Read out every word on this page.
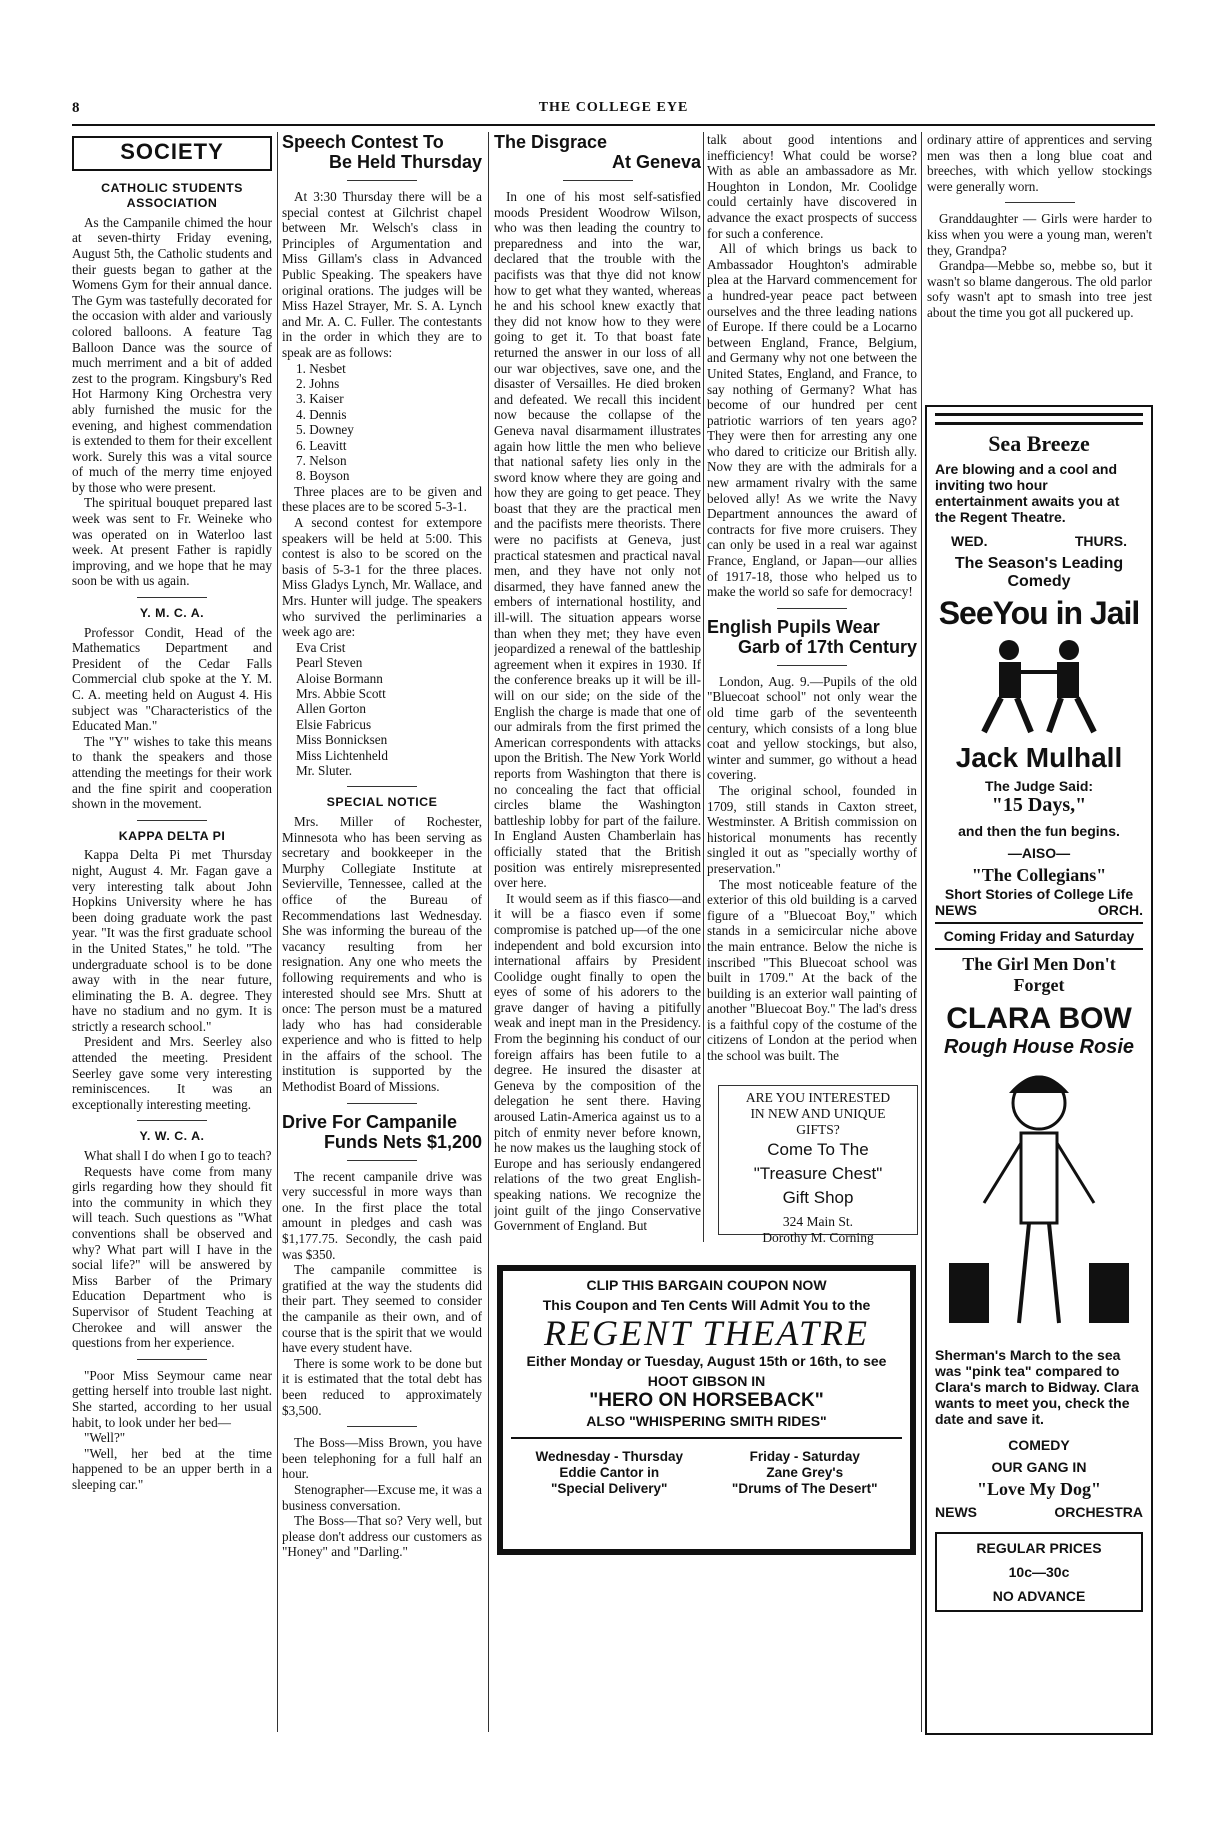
8	THE COLLEGE EYE
SOCIETY
CATHOLIC STUDENTS
ASSOCIATION

As the Campanile chimed the hour at seven-thirty Friday evening, August 5th, the Catholic students and their guests began to gather at the Womens Gym for their annual dance. The Gym was tastefully decorated for the occasion with alder and variously colored balloons. A feature Tag Balloon Dance was the source of much merriment and a bit of added zest to the program. Kingsbury's Red Hot Harmony King Orchestra very ably furnished the music for the evening, and highest commendation is extended to them for their excellent work. Surely this was a vital source of much of the merry time enjoyed by those who were present.

The spiritual bouquet prepared last week was sent to Fr. Weineke who was operated on in Waterloo last week. At present Father is rapidly improving, and we hope that he may soon be with us again.

Y. M. C. A.

Professor Condit, Head of the Mathematics Department and President of the Cedar Falls Commercial club spoke at the Y. M. C. A. meeting held on August 4. His subject was "Characteristics of the Educated Man."

The "Y" wishes to take this means to thank the speakers and those attending the meetings for their work and the fine spirit and cooperation shown in the movement.

KAPPA DELTA PI

Kappa Delta Pi met Thursday night, August 4. Mr. Fagan gave a very interesting talk about John Hopkins University where he has been doing graduate work the past year. "It was the first graduate school in the United States," he told. "The undergraduate school is to be done away with in the near future, eliminating the B. A. degree. They have no stadium and no gym. It is strictly a research school."

President and Mrs. Seerley also attended the meeting. President Seerley gave some very interesting reminiscences. It was an exceptionally interesting meeting.

Y. W. C. A.

What shall I do when I go to teach?

Requests have come from many girls regarding how they should fit into the community in which they will teach. Such questions as "What conventions shall be observed and why? What part will I have in the social life?" will be answered by Miss Barber of the Primary Education Department who is Supervisor of Student Teaching at Cherokee and will answer the questions from her experience.

"Poor Miss Seymour came near getting herself into trouble last night. She started, according to her usual habit, to look under her bed—

"Well?"

"Well, her bed at the time happened to be an upper berth in a sleeping car."

Speech Contest To
Be Held Thursday

At 3:30 Thursday there will be a special contest at Gilchrist chapel between Mr. Welsch's class in Principles of Argumentation and Miss Gillam's class in Advanced Public Speaking. The speakers have original orations. The judges will be Miss Hazel Strayer, Mr. S. A. Lynch and Mr. A. C. Fuller. The contestants in the order in which they are to speak are as follows:

1. Nesbet
2. Johns
3. Kaiser
4. Dennis
5. Downey
6. Leavitt
7. Nelson
8. Boyson

Three places are to be given and these places are to be scored 5-3-1.

A second contest for extempore speakers will be held at 5:00. This contest is also to be scored on the basis of 5-3-1 for the three places. Miss Gladys Lynch, Mr. Wallace, and Mrs. Hunter will judge. The speakers who survived the perliminaries a week ago are:

Eva Crist
Pearl Steven
Aloise Bormann
Mrs. Abbie Scott
Allen Gorton
Elsie Fabricus
Miss Bonnicksen
Miss Lichtenheld
Mr. Sluter.
SPECIAL NOTICE

Mrs. Miller of Rochester, Minnesota who has been serving as secretary and bookkeeper in the Murphy Collegiate Institute at Sevierville, Tennessee, called at the office of the Bureau of Recommendations last Wednesday. She was informing the bureau of the vacancy resulting from her resignation. Any one who meets the following requirements and who is interested should see Mrs. Shutt at once: The person must be a matured lady who has had considerable experience and who is fitted to help in the affairs of the school. The institution is supported by the Methodist Board of Missions.

Drive For Campanile
Funds Nets $1,200

The recent campanile drive was very successful in more ways than one. In the first place the total amount in pledges and cash was $1,177.75. Secondly, the cash paid was $350.

The campanile committee is gratified at the way the students did their part. They seemed to consider the campanile as their own, and of course that is the spirit that we would have every student have.

There is some work to be done but it is estimated that the total debt has been reduced to approximately $3,500.

The Boss—Miss Brown, you have been telephoning for a full half an hour.

Stenographer—Excuse me, it was a business conversation.

The Boss—That so? Very well, but please don't address our customers as "Honey" and "Darling."

The Disgrace
At Geneva

In one of his most self-satisfied moods President Woodrow Wilson, who was then leading the country to preparedness and into the war, declared that the trouble with the pacifists was that thye did not know how to get what they wanted, whereas he and his school knew exactly that they did not know how to they were going to get it. To that boast fate returned the answer in our loss of all our war objectives, save one, and the disaster of Versailles. He died broken and defeated. We recall this incident now because the collapse of the Geneva naval disarmament illustrates again how little the men who believe that national safety lies only in the sword know where they are going and how they are going to get peace. They boast that they are the practical men and the pacifists mere theorists. There were no pacifists at Geneva, just practical statesmen and practical naval men, and they have not only not disarmed, they have fanned anew the embers of international hostility, and ill-will. The situation appears worse than when they met; they have even jeopardized a renewal of the battleship agreement when it expires in 1930. If the conference breaks up it will be ill-will on our side; on the side of the English the charge is made that one of our admirals from the first primed the American correspondents with attacks upon the British. The New York World reports from Washington that there is no concealing the fact that official circles blame the Washington battleship lobby for part of the failure. In England Austen Chamberlain has officially stated that the British position was entirely misrepresented over here.

It would seem as if this fiasco—and it will be a fiasco even if some compromise is patched up—of the one independent and bold excursion into international affairs by President Coolidge ought finally to open the eyes of some of his adorers to the grave danger of having a pitifully weak and inept man in the Presidency. From the beginning his conduct of our foreign affairs has been futile to a degree. He insured the disaster at Geneva by the composition of the delegation he sent there. Having aroused Latin-America against us to a pitch of enmity never before known, he now makes us the laughing stock of Europe and has seriously endangered relations of the two great English-speaking nations. We recognize the joint guilt of the jingo Conservative Government of England. But

talk about good intentions and inefficiency! What could be worse? With as able an ambassadore as Mr. Houghton in London, Mr. Coolidge could certainly have discovered in advance the exact prospects of success for such a conference.

All of which brings us back to Ambassador Houghton's admirable plea at the Harvard commencement for a hundred-year peace pact between ourselves and the three leading nations of Europe. If there could be a Locarno between England, France, Belgium, and Germany why not one between the United States, England, and France, to say nothing of Germany? What has become of our hundred per cent patriotic warriors of ten years ago? They were then for arresting any one who dared to criticize our British ally. Now they are with the admirals for a new armament rivalry with the same beloved ally! As we write the Navy Department announces the award of contracts for five more cruisers. They can only be used in a real war against France, England, or Japan—our allies of 1917-18, those who helped us to make the world so safe for democracy!

English Pupils Wear
Garb of 17th Century

London, Aug. 9.—Pupils of the old "Bluecoat school" not only wear the old time garb of the seventeenth century, which consists of a long blue coat and yellow stockings, but also, winter and summer, go without a head covering.

The original school, founded in 1709, still stands in Caxton street, Westminster. A British commission on historical monuments has recently singled it out as "specially worthy of preservation."

The most noticeable feature of the exterior of this old building is a carved figure of a "Bluecoat Boy," which stands in a semicircular niche above the main entrance. Below the niche is inscribed "This Bluecoat school was built in 1709." At the back of the building is an exterior wall painting of another "Bluecoat Boy." The lad's dress is a faithful copy of the costume of the citizens of London at the period when the school was built. The

ARE YOU INTERESTED
IN NEW AND UNIQUE
GIFTS?
Come To The
"Treasure Chest"
Gift Shop
324 Main St.
Dorothy M. Corning
CLIP THIS BARGAIN COUPON NOW
This Coupon and Ten Cents Will Admit You to the
REGENT THEATRE
Either Monday or Tuesday, August 15th or 16th, to see
HOOT GIBSON IN
"HERO ON HORSEBACK"
ALSO "WHISPERING SMITH RIDES"
Wednesday - Thursday
Eddie Cantor in
"Special Delivery"
Friday - Saturday
Zane Grey's
"Drums of The Desert"

ordinary attire of apprentices and serving men was then a long blue coat and breeches, with which yellow stockings were generally worn.

Granddaughter — Girls were harder to kiss when you were a young man, weren't they, Grandpa?

Grandpa—Mebbe so, mebbe so, but it wasn't so blame dangerous. The old parlor sofy wasn't apt to smash into tree jest about the time you got all puckered up.

Sea Breeze
Are blowing and a cool and inviting two hour entertainment awaits you at the Regent Theatre.
WED.	THURS.
The Season's Leading
Comedy
SeeYou in Jail
Jack Mulhall
The Judge Said:
"15 Days,"
and then the fun begins.
—AISO—
"The Collegians"
Short Stories of College Life
NEWS	ORCH.
Coming Friday and Saturday
The Girl Men Don't
Forget
CLARA BOW
Rough House Rosie
Sherman's March to the sea was "pink tea" compared to Clara's march to Bidway. Clara wants to meet you, check the date and save it.
COMEDY
OUR GANG IN
"Love My Dog"
NEWS	ORCHESTRA
REGULAR PRICES
10c—30c
NO ADVANCE
